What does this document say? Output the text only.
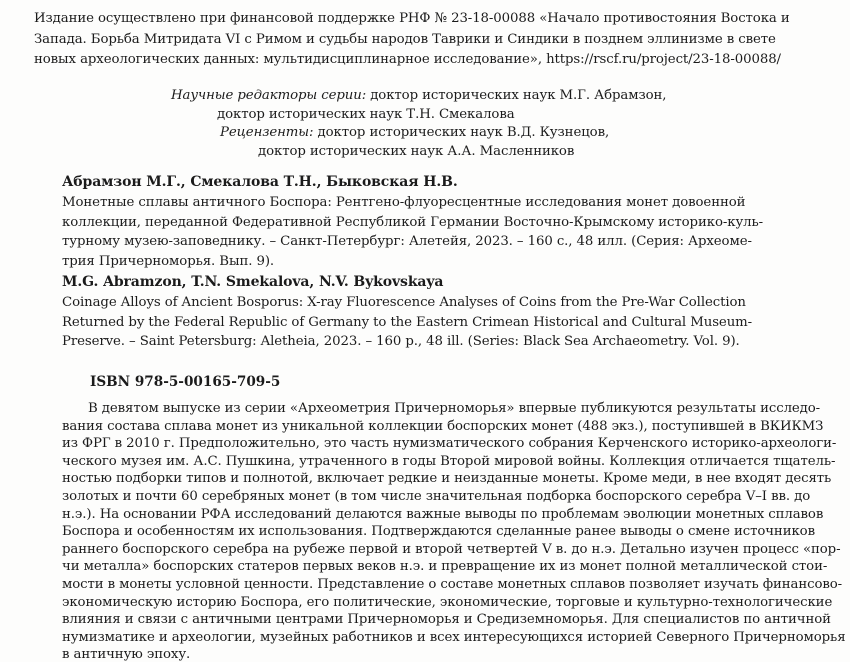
Издание осуществлено при финансовой поддержке РНФ № 23-18-00088 «Начало противостояния Востока и
Запада. Борьба Митридата VI с Римом и судьбы народов Таврики и Синдики в позднем эллинизме в свете
новых археологических данных: мультидисциплинарное исследование», https://rscf.ru/project/23-18-00088/
Научные редакторы серии: доктор исторических наук М.Г. Абрамзон,
доктор исторических наук Т.Н. Смекалова
Рецензенты: доктор исторических наук В.Д. Кузнецов,
доктор исторических наук А.А. Масленников
Абрамзон М.Г., Смекалова Т.Н., Быковская Н.В.
Монетные сплавы античного Боспора: Рентгено-флуоресцентные исследования монет довоенной
коллекции, переданной Федеративной Республикой Германии Восточно-Крымскому историко-куль-
турному музею-заповеднику. – Санкт-Петербург: Алетейя, 2023. – 160 с., 48 илл. (Серия: Археоме-
трия Причерноморья. Вып. 9).
M.G. Abramzon, T.N. Smekalova, N.V. Bykovskaya
Coinage Alloys of Ancient Bosporus: X-ray Fluorescence Analyses of Coins from the Pre-War Collection
Returned by the Federal Republic of Germany to the Eastern Crimean Historical and Cultural Museum-
Preserve. – Saint Petersburg: Aletheia, 2023. – 160 p., 48 ill. (Series: Black Sea Archaeometry. Vol. 9).
ISBN 978-5-00165-709-5
В девятом выпуске из серии «Археометрия Причерноморья» впервые публикуются результаты исследо-
вания состава сплава монет из уникальной коллекции боспорских монет (488 экз.), поступившей в ВКИКМЗ
из ФРГ в 2010 г. Предположительно, это часть нумизматического собрания Керченского историко-археологи-
ческого музея им. А.С. Пушкина, утраченного в годы Второй мировой войны. Коллекция отличается тщатель-
ностью подборки типов и полнотой, включает редкие и неизданные монеты. Кроме меди, в нее входят десять
золотых и почти 60 серебряных монет (в том числе значительная подборка боспорского серебра V–I вв. до
н.э.). На основании РФА исследований делаются важные выводы по проблемам эволюции монетных сплавов
Боспора и особенностям их использования. Подтверждаются сделанные ранее выводы о смене источников
раннего боспорского серебра на рубеже первой и второй четвертей V в. до н.э. Детально изучен процесс «пор-
чи металла» боспорских статеров первых веков н.э. и превращение их из монет полной металлической стои-
мости в монеты условной ценности. Представление о составе монетных сплавов позволяет изучать финансово-
экономическую историю Боспора, его политические, экономические, торговые и культурно-технологические
влияния и связи с античными центрами Причерноморья и Средиземноморья. Для специалистов по античной
нумизматике и археологии, музейных работников и всех интересующихся историей Северного Причерноморья
в античную эпоху.
